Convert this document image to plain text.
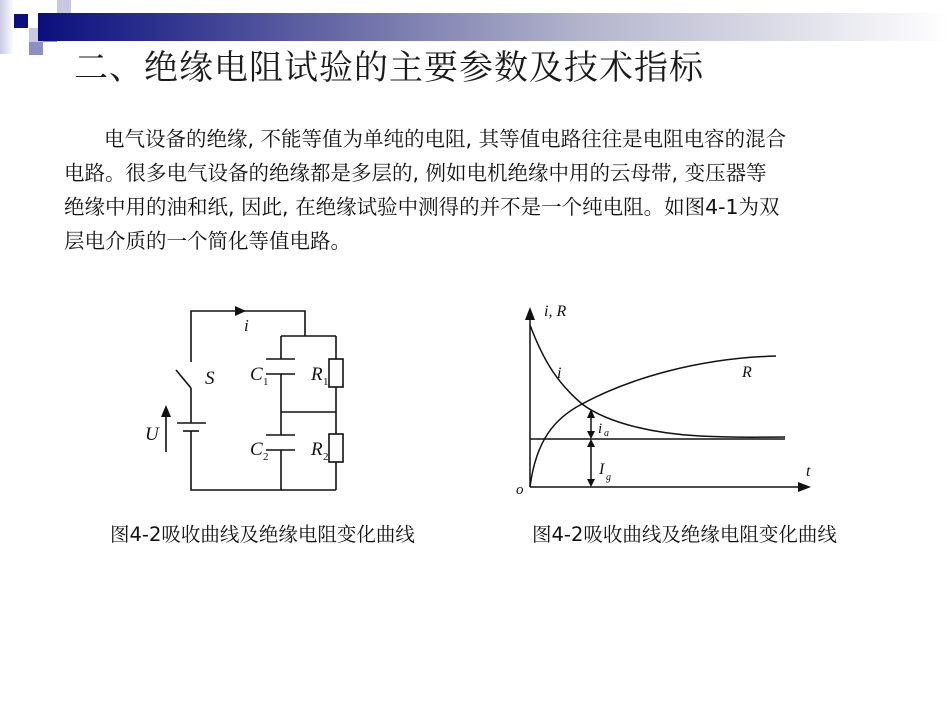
二、绝缘电阻试验的主要参数及技术指标

电气设备的绝缘, 不能等值为单纯的电阻, 其等值电路往往是电阻电容的混合
电路。很多电气设备的绝缘都是多层的, 例如电机绝缘中用的云母带, 变压器等
绝缘中用的油和纸, 因此, 在绝缘试验中测得的并不是一个纯电阻。如图4-1为双
层电介质的一个简化等值电路。

i
S
U
C 1 R 1
C 2 R 2
i, R
t
o
i	R
i a
I g

图4-2吸收曲线及绝缘电阻变化曲线	图4-2吸收曲线及绝缘电阻变化曲线
